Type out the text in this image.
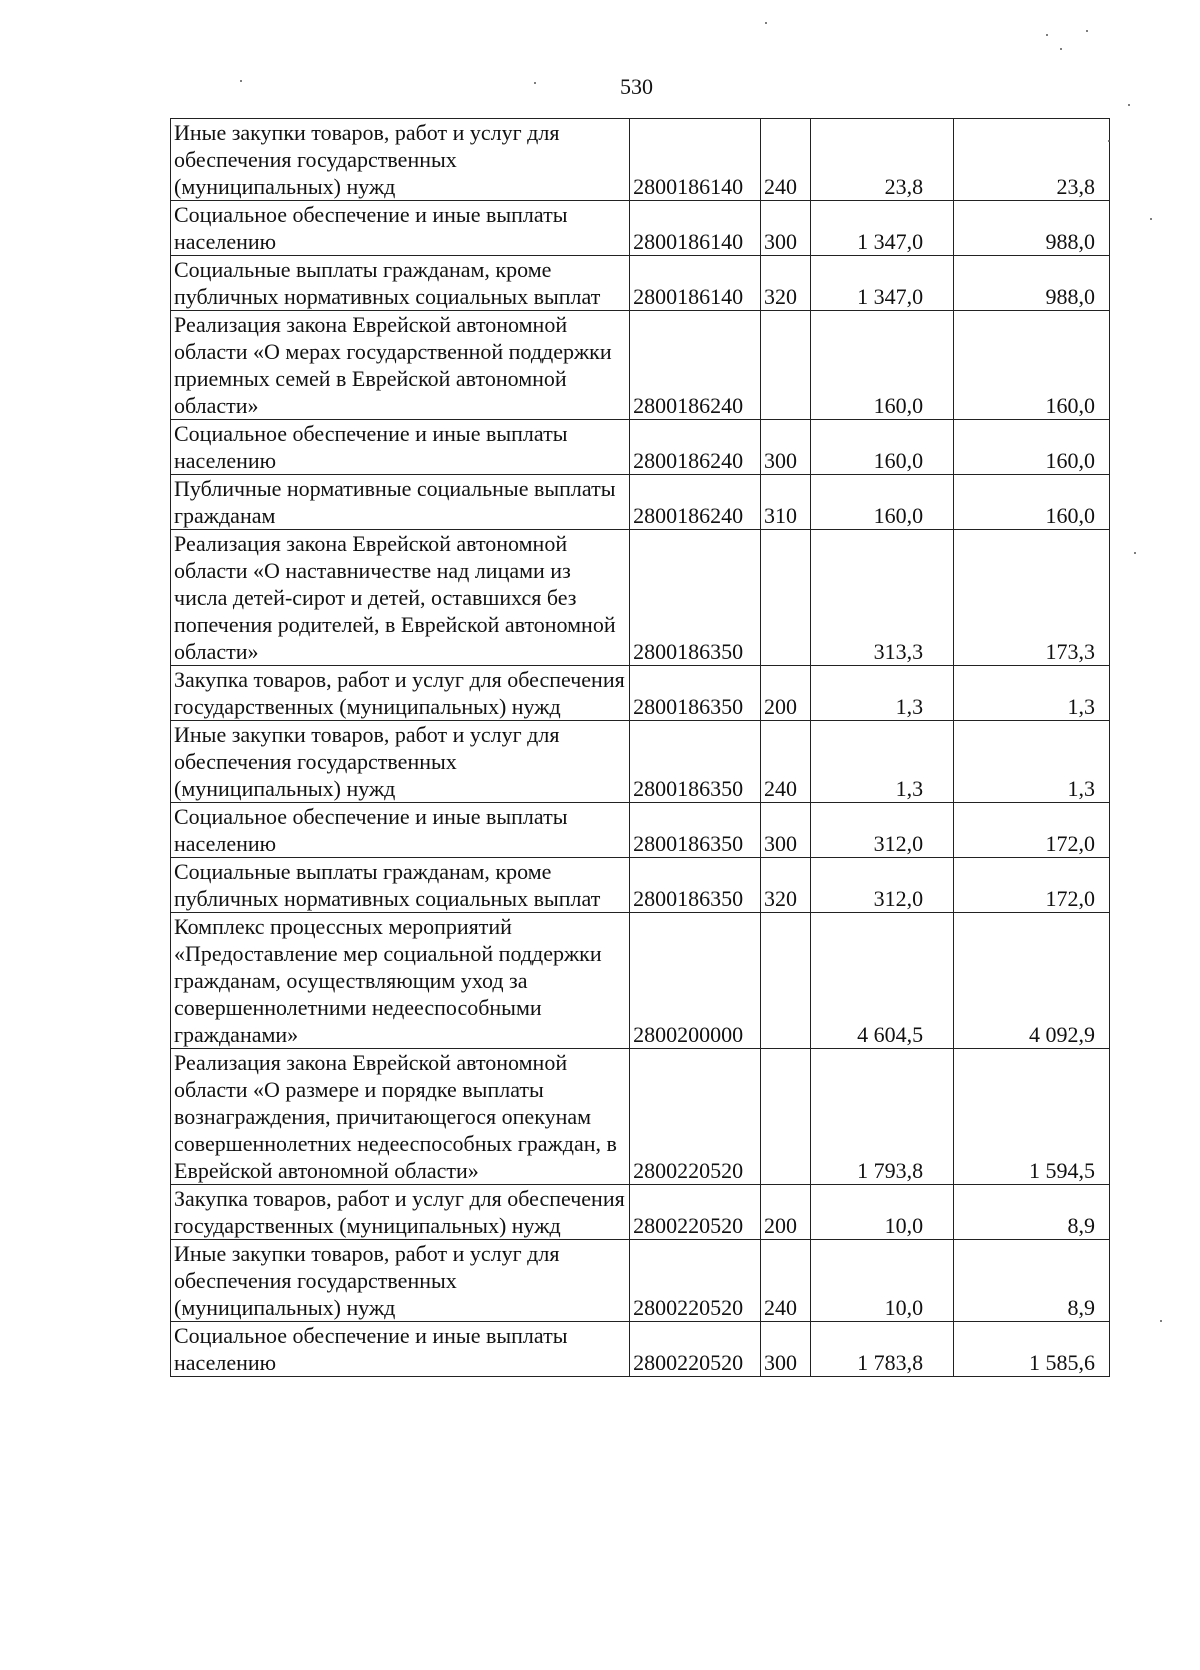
530
Иные закупки товаров, работ и услуг для обеспечения государственных (муниципальных) нужд	2800186140	240	23,8	23,8
Социальное обеспечение и иные выплаты населению	2800186140	300	1 347,0	988,0
Социальные выплаты гражданам, кроме публичных нормативных социальных выплат	2800186140	320	1 347,0	988,0
Реализация закона Еврейской автономной области «О мерах государственной поддержки приемных семей в Еврейской автономной области»	2800186240		160,0	160,0
Социальное обеспечение и иные выплаты населению	2800186240	300	160,0	160,0
Публичные нормативные социальные выплаты гражданам	2800186240	310	160,0	160,0
Реализация закона Еврейской автономной области «О наставничестве над лицами из числа детей-сирот и детей, оставшихся без попечения родителей, в Еврейской автономной области»	2800186350		313,3	173,3
Закупка товаров, работ и услуг для обеспечения государственных (муниципальных) нужд	2800186350	200	1,3	1,3
Иные закупки товаров, работ и услуг для обеспечения государственных (муниципальных) нужд	2800186350	240	1,3	1,3
Социальное обеспечение и иные выплаты населению	2800186350	300	312,0	172,0
Социальные выплаты гражданам, кроме публичных нормативных социальных выплат	2800186350	320	312,0	172,0
Комплекс процессных мероприятий «Предоставление мер социальной поддержки гражданам, осуществляющим уход за совершеннолетними недееспособными гражданами»	2800200000		4 604,5	4 092,9
Реализация закона Еврейской автономной области «О размере и порядке выплаты вознаграждения, причитающегося опекунам совершеннолетних недееспособных граждан, в Еврейской автономной области»	2800220520		1 793,8	1 594,5
Закупка товаров, работ и услуг для обеспечения государственных (муниципальных) нужд	2800220520	200	10,0	8,9
Иные закупки товаров, работ и услуг для обеспечения государственных (муниципальных) нужд	2800220520	240	10,0	8,9
Социальное обеспечение и иные выплаты населению	2800220520	300	1 783,8	1 585,6
